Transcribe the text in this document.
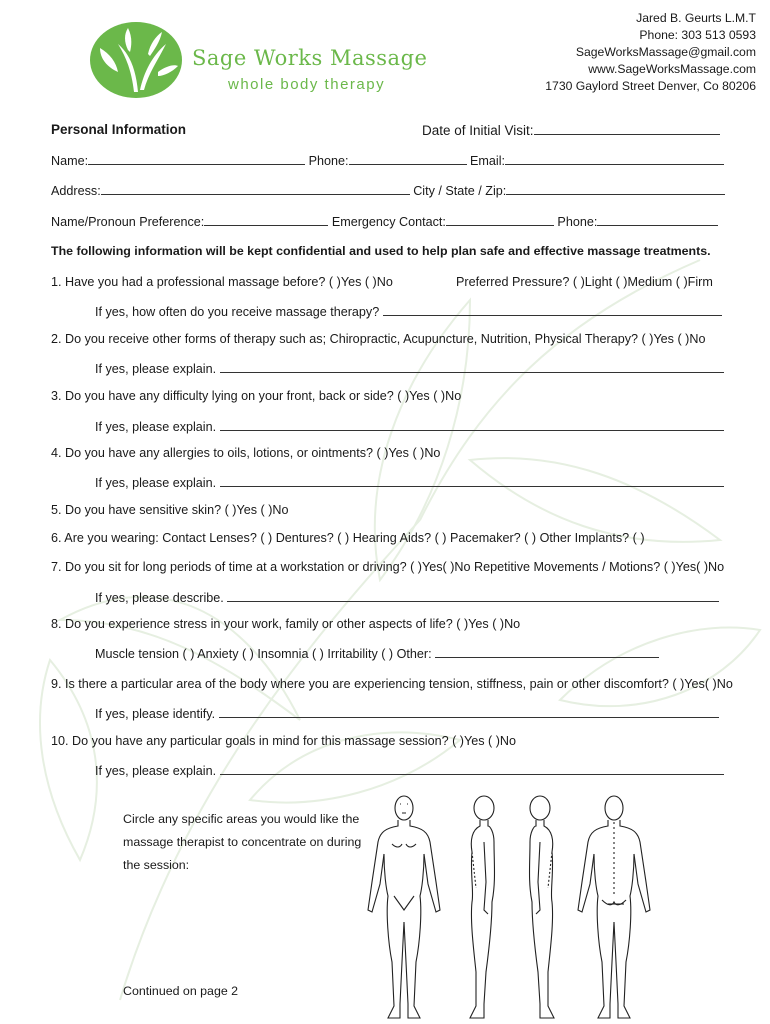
Sage Works Massage
whole body therapy
Jared B. Geurts L.M.T
Phone: 303 513 0593
SageWorksMassage@gmail.com
www.SageWorksMassage.com
1730 Gaylord Street Denver, Co 80206
Personal Information	Date of Initial Visit:
Name:	Phone:	Email:
Address:	City / State / Zip:
Name/Pronoun Preference:	Emergency Contact:	Phone:
The following information will be kept confidential and used to help plan safe and effective massage treatments.
1. Have you had a professional massage before? ( )Yes ( )No	Preferred Pressure? ( )Light ( )Medium ( )Firm
If yes, how often do you receive massage therapy?
2. Do you receive other forms of therapy such as; Chiropractic, Acupuncture, Nutrition, Physical Therapy? ( )Yes ( )No
If yes, please explain.
3. Do you have any difficulty lying on your front, back or side? ( )Yes ( )No
If yes, please explain.
4. Do you have any allergies to oils, lotions, or ointments? ( )Yes ( )No
If yes, please explain.
5. Do you have sensitive skin? ( )Yes ( )No
6. Are you wearing: Contact Lenses? ( ) Dentures? ( ) Hearing Aids? ( ) Pacemaker? ( ) Other Implants? ( )
7. Do you sit for long periods of time at a workstation or driving? ( )Yes( )No Repetitive Movements / Motions? ( )Yes( )No
If yes, please describe.
8. Do you experience stress in your work, family or other aspects of life? ( )Yes ( )No
Muscle tension ( ) Anxiety ( ) Insomnia ( ) Irritability ( ) Other:
9. Is there a particular area of the body where you are experiencing tension, stiffness, pain or other discomfort? ( )Yes( )No
If yes, please identify.
10. Do you have any particular goals in mind for this massage session? ( )Yes ( )No
If yes, please explain.
Circle any specific areas you would like the massage therapist to concentrate on during the session:
Continued on page 2
